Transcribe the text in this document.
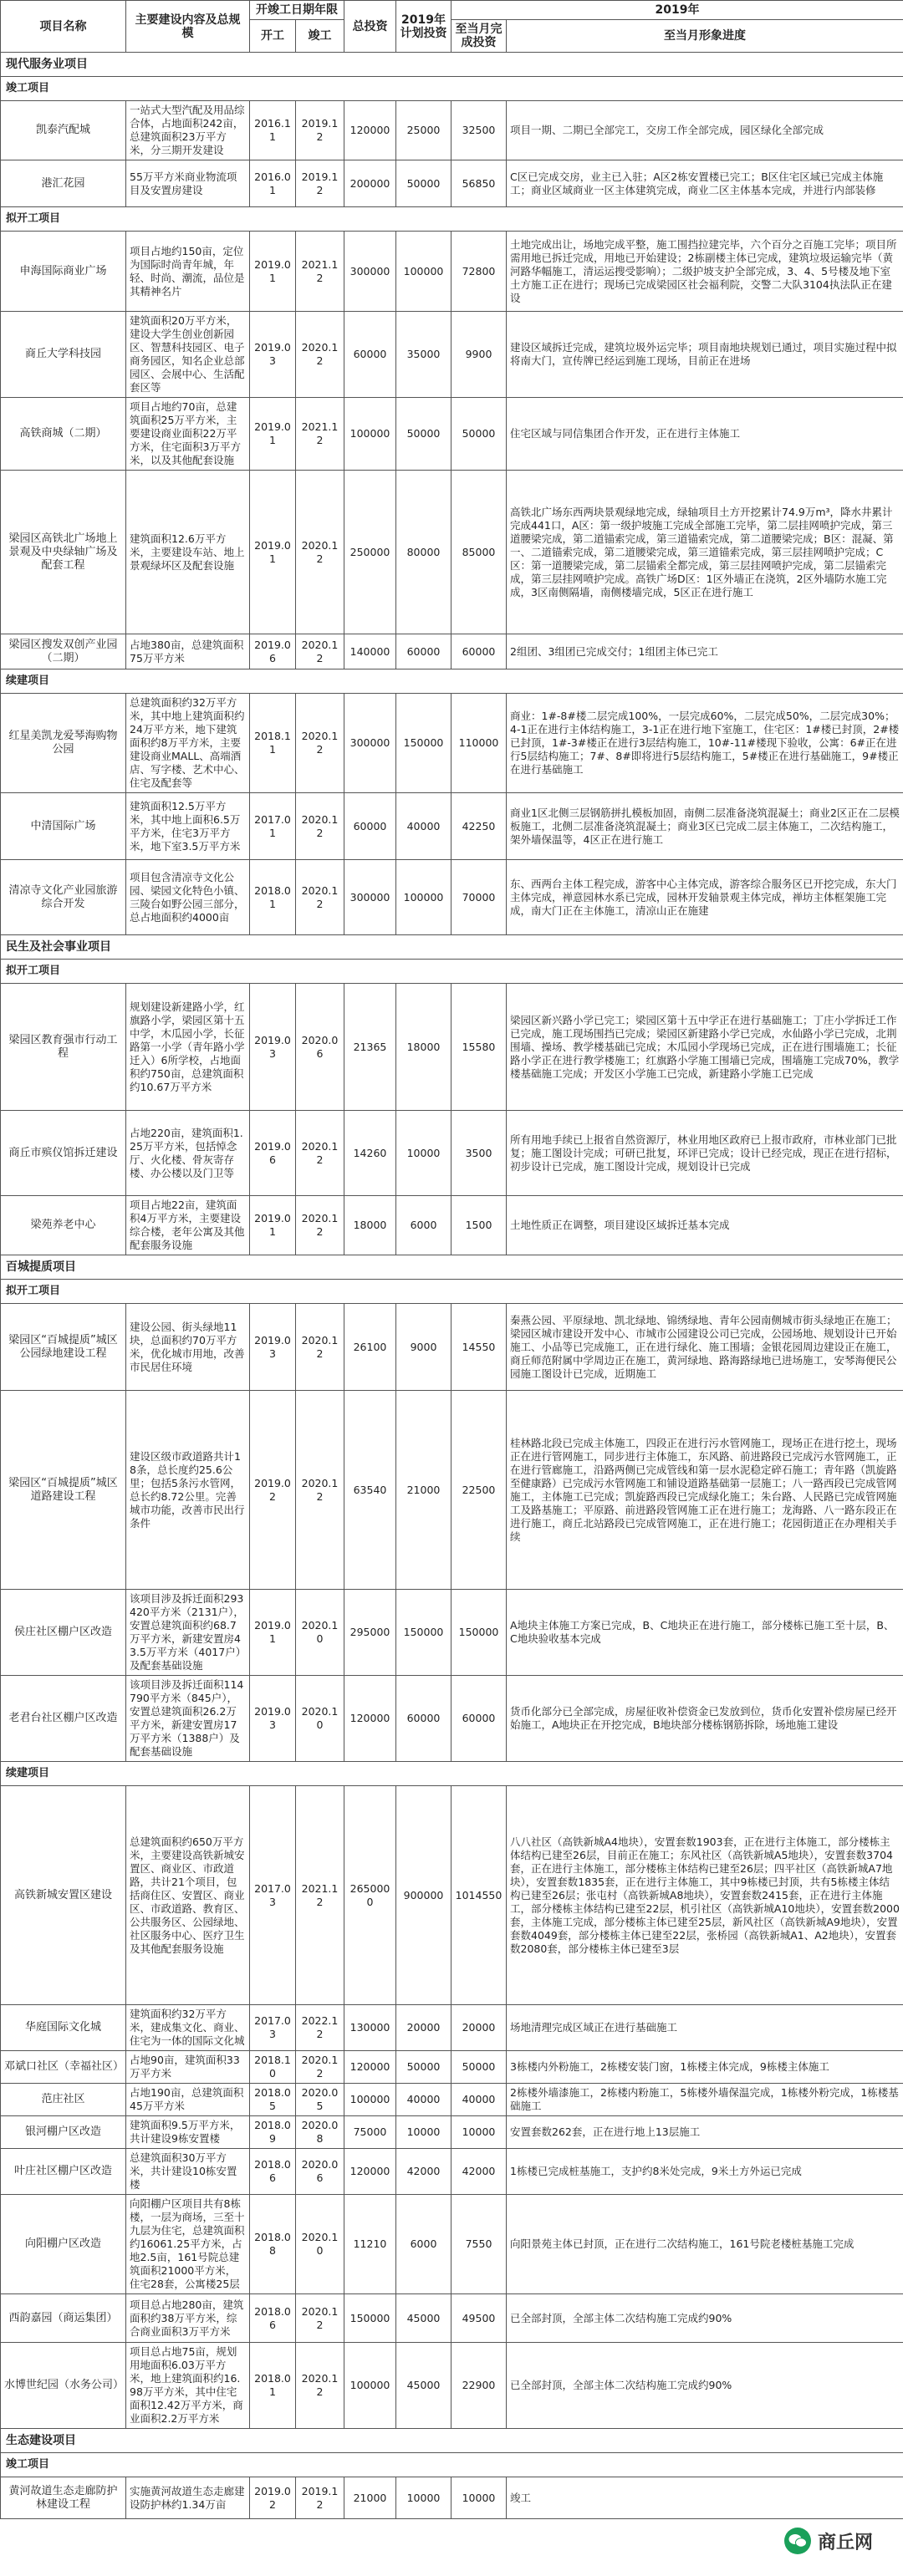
项目名称	主要建设内容及总规模	开竣工日期年限		总投资	2019年计划投资	2019年	
		开工	竣工			至当月完成投资	至当月形象进度
现代服务业项目							
竣工项目							
凯泰汽配城	一站式大型汽配及用品综合体，占地面积242亩，总建筑面积23万平方米，分三期开发建设	2016.11	2019.12	120000	25000	32500	项目一期、二期已全部完工，交房工作全部完成，园区绿化全部完成
港汇花园	55万平方米商业物流项目及安置房建设	2016.01	2019.12	200000	50000	56850	C区已完成交房，业主已入驻；A区2栋安置楼已完工；B区住宅区域已完成主体施工；商业区域商业一区主体建筑完成，商业二区主体基本完成，并进行内部装修
拟开工项目							
申海国际商业广场	项目占地约150亩，定位为国际时尚青年城，年轻、时尚、潮流，品位是其精神名片	2019.01	2021.12	300000	100000	72800	土地完成出让，场地完成平整，施工围挡拉建完毕，六个百分之百施工完毕；项目所需用地已拆迁完成，用地已开始建设；2栋副楼主体已完成，建筑垃圾运输完毕（黄河路华幅施工，清运运搜受影响）；二级护坡支护全部完成，3、4、5号楼及地下室土方施工正在进行；现场已完成梁园区社会福利院，交警二大队3104执法队正在建设
商丘大学科技园	建筑面积20万平方米，建设大学生创业创新园区、智慧科技园区、电子商务园区，知名企业总部园区、会展中心、生活配套区等	2019.03	2020.12	60000	35000	9900	建设区域拆迁完成，建筑垃圾外运完毕；项目南地块规划已通过，项目实施过程中拟将南大门，宣传牌已经运到施工现场，目前正在进场
高铁商城（二期）	项目占地约70亩，总建筑面积25万平方米，主要建设商业面积22万平方米，住宅面积3万平方米，以及其他配套设施	2019.01	2021.12	100000	50000	50000	住宅区域与同信集团合作开发，正在进行主体施工
梁园区高铁北广场地上景观及中央绿轴广场及配套工程	建筑面积12.6万平方米，主要建设车站、地上景观绿坏区及配套设施	2019.01	2020.12	250000	80000	85000	高铁北广场东西两块景观绿地完成，绿轴项目土方开挖累计74.9万m³，降水井累计完成441口，A区：第一级护坡施工完成全部施工完毕，第二层挂网喷护完成，第三道腰梁完成，第二道锚索完成，第三道锚索完成，第二道腰梁完成；B区：混凝、第一、二道锚索完成，第二道腰梁完成，第三道锚索完成，第三层挂网喷护完成；C区：第一道腰梁完成，第二层锚索全都完成，第三层挂网喷护完成，第二层锚索完成，第三层挂网喷护完成。高铁广场D区：1区外墙正在浇筑，2区外墙防水施工完成，3区南侧隔墙，南侧楼墙完成，5区正在进行施工
梁园区搜发双创产业园（二期）	占地380亩，总建筑面积75万平方米	2019.06	2020.12	140000	60000	60000	2组团、3组团已完成交付；1组团主体已完工
续建项目							
红星美凯龙爱琴海购物公园	总建筑面积约32万平方米，其中地上建筑面积约24万平方米，地下建筑面积约8万平方米，主要建设商业MALL、高端酒店、写字楼、艺术中心、住宅及配套等	2018.11	2020.12	300000	150000	110000	商业：1#-8#楼二层完成100%，一层完成60%，二层完成50%，二层完成30%；4-1正在进行主体结构施工，3-1正在进行地下室施工，住宅区：1#楼已封顶，2#楼已封顶，1#-3#楼正在进行3层结构施工，10#-11#楼现下验收，公寓：6#正在进行5层结构施工；7#、8#即将进行5层结构施工，5#楼正在进行基础施工，9#楼正在进行基础施工
中清国际广场	建筑面积12.5万平方米，其中地上面积6.5万平方米，住宅3万平方米，地下室3.5万平方米	2017.01	2020.12	60000	40000	42250	商业1区北侧三层钢筋拼扎模板加固，南侧二层准备浇筑混凝土；商业2区正在二层模板施工，北侧二层准备浇筑混凝土；商业3区已完成二层主体施工，二次结构施工，架外墙保温等，4区正在进行施工
清凉寺文化产业园旅游综合开发	项目包含清凉寺文化公园、梁园文化特色小镇、三陵台如野公园三部分，总占地面积约4000亩	2018.01	2020.12	300000	100000	70000	东、西两台主体工程完成，游客中心主体完成，游客综合服务区已开挖完成，东大门主体完成，禅意园林水系已完成，园林开发轴景观主体完成，禅坊主体框架施工完成，南大门正在主体施工，清凉山正在施建
民生及社会事业项目							
拟开工项目							
梁园区教育强市行动工程	规划建设新建路小学，红旗路小学，梁园区第十五中学，木瓜园小学，长征路第一小学（青年路小学迁入）6所学校，占地面积约750亩，总建筑面积约10.67万平方米	2019.03	2020.06	21365	18000	15580	梁园区新兴路小学已完工；梁园区第十五中学正在进行基础施工；丁庄小学拆迁工作已完成，施工现场围挡已完成；梁园区新建路小学已完成，水仙路小学已完成，北荆围墙、操场、教学楼基础已完成；木瓜园小学现场已完成，正在进行围墙施工；长征路小学正在进行教学楼施工；红旗路小学施工围墙已完成，围墙施工完成70%，教学楼基础施工完成；开发区小学施工已完成，新建路小学施工已完成
商丘市殡仪馆拆迁建设	占地220亩，建筑面积1.25万平方米，包括悼念厅、火化楼、骨灰寄存楼、办公楼以及门卫等	2019.06	2020.12	14260	10000	3500	所有用地手续已上报省自然资源厅，林业用地区政府已上报市政府，市林业部门已批复；施工图设计完成；可研已批复，环评已完成；设计已经完成，现正在进行招标，初步设计已完成，施工图设计完成，规划设计已完成
梁苑养老中心	项目占地22亩，建筑面积4万平方米，主要建设综合楼，老年公寓及其他配套服务设施	2019.01	2020.12	18000	6000	1500	土地性质正在调整，项目建设区域拆迁基本完成
百城提质项目							
拟开工项目							
梁园区“百城提质”城区公园绿地建设工程	建设公园、街头绿地11块，总面积约70万平方米，优化城市用地，改善市民居住环境	2019.03	2020.12	26100	9000	14550	秦燕公园、平原绿地、凯北绿地、锦绣绿地、青年公园南侧城市街头绿地正在施工；梁园区城市建设开发中心、市城市公园建设公司已完成，公园场地、规划设计已开始施工、小品等已完成施工，正在进行绿化、施工围墙；金银花园周边建设正在施工，商丘师范附属中学周边正在施工，黄河绿地、路海路绿地已进场施工，安琴海便民公园施工图设计已完成，近期施工
梁园区“百城提质”城区道路建设工程	建设区级市政道路共计18条，总长度约25.6公里；包括5条污水管网，总长约8.72公里。完善城市功能，改善市民出行条件	2019.02	2020.12	63540	21000	22500	桂林路北段已完成主体施工，四段正在进行污水管网施工，现场正在进行挖土，现场正在进行管网施工，同步进行主体施工，东风路、前进路段已完成污水管网施工，正在进行管廊施工，沿路两侧已完成管线和第一层水泥稳定碎石施工；青年路（凯旋路至健康路）已完成污水管网施工和铺设道路基础第一层施工；八一路西段已完成管网施工，主体施工已完成；凯旋路西段已完成绿化施工；朱台路、人民路已完成管网施工及路基施工；平原路、前进路段管网施工正在进行施工；龙海路、八一路东段正在进行施工，商丘北站路段已完成管网施工，正在进行施工；花园街道正在办理相关手续
侯庄社区棚户区改造	该项目涉及拆迁面积293420平方米（2131户），安置总建筑面积约68.7万平方米，新建安置房43.5万平方米（4017户）及配套基础设施	2019.01	2020.10	295000	150000	150000	A地块主体施工方案已完成，B、C地块正在进行施工，部分楼栋已施工至十层，B、C地块验收基本完成
老君台社区棚户区改造	该项目涉及拆迁面积114790平方米（845户），安置总建筑面积26.2万平方米，新建安置房17万平方米（1388户）及配套基础设施	2019.03	2020.10	120000	60000	60000	货币化部分已全部完成，房屋征收补偿资金已发放到位，货币化安置补偿房屋已经开始施工，A地块正在开挖完成，B地块部分楼栋钢筋拆除，场地施工建设
续建项目							
高铁新城安置区建设	总建筑面积约650万平方米，主要建设高铁新城安置区、商业区、市政道路，共计21个项目，包括商住区、安置区、商业区、市政道路、教育区、公共服务区、公园绿地、社区服务中心、医疗卫生及其他配套服务设施	2017.03	2021.12	2650000	900000	1014550	八八社区（高铁新城A4地块），安置套数1903套，正在进行主体施工，部分楼栋主体结构已建至26层，目前正在施工；东风社区（高铁新城A5地块），安置套数3704套，正在进行主体施工，部分楼栋主体结构已建至26层；四平社区（高铁新城A7地块），安置套数1835套，正在进行主体施工，其中9栋楼已封顶，共有5栋楼主体结构已建至26层；张屯村（高铁新城A8地块），安置套数2415套，正在进行主体施工，部分楼栋主体结构已建至22层，机引社区（高铁新城A10地块），安置套数2000套，主体施工完成，部分楼栋主体已建至25层，新风社区（高铁新城A9地块），安置套数4049套，部分楼栋主体已建至22层，张桥园（高铁新城A1、A2地块），安置套数2080套，部分楼栋主体已建至3层
华庭国际文化城	建筑面积约32万平方米，建成集文化、商业、住宅为一体的国际文化城	2017.03	2022.12	130000	20000	20000	场地清理完成区域正在进行基础施工
邓斌口社区（幸福社区）	占地90亩，建筑面积33万平方米	2018.10	2020.12	120000	50000	50000	3栋楼内外粉施工，2栋楼安装门窗，1栋楼主体完成，9栋楼主体施工
范庄社区	占地190亩，总建筑面积45万平方米	2018.05	2020.05	100000	40000	40000	2栋楼外墙漆施工，2栋楼内粉施工，5栋楼外墙保温完成，1栋楼外粉完成，1栋楼基础施工
银河棚户区改造	建筑面积9.5万平方米，共计建设9栋安置楼	2018.09	2020.08	75000	10000	10000	安置套数262套，正在进行地上13层施工
叶庄社区棚户区改造	总建筑面积30万平方米，共计建设10栋安置楼	2018.06	2020.06	120000	42000	42000	1栋楼已完成桩基施工，支护约8米处完成，9米土方外运已完成
向阳棚户区改造	向阳棚户区项目共有8栋楼，一层为商场，三至十九层为住宅，总建筑面积约16061.25平方米，占地2.5亩，161号院总建筑面积21000平方米，住宅28套，公寓楼25层	2018.08	2020.10	11210	6000	7550	向阳景苑主体已封顶，正在进行二次结构施工，161号院老楼桩基施工完成
西韵嘉园（商运集团）	项目总占地280亩，建筑面积约38万平方米，综合商业面积3万平方米	2018.06	2020.12	150000	45000	49500	已全部封顶，全部主体二次结构施工完成约90%
水博世纪园（水务公司）	项目总占地75亩，规划用地面积6.03万平方米，地上建筑面积约16.98万平方米，其中住宅面积12.42万平方米，商业面积2.2万平方米	2018.01	2020.12	100000	45000	22900	已全部封顶，全部主体二次结构施工完成约90%
生态建设项目							
竣工项目							
黄河故道生态走廊防护林建设工程	实施黄河故道生态走廊建设防护林约1.34万亩	2019.02	2019.12	21000	10000	10000	竣工
商丘网
